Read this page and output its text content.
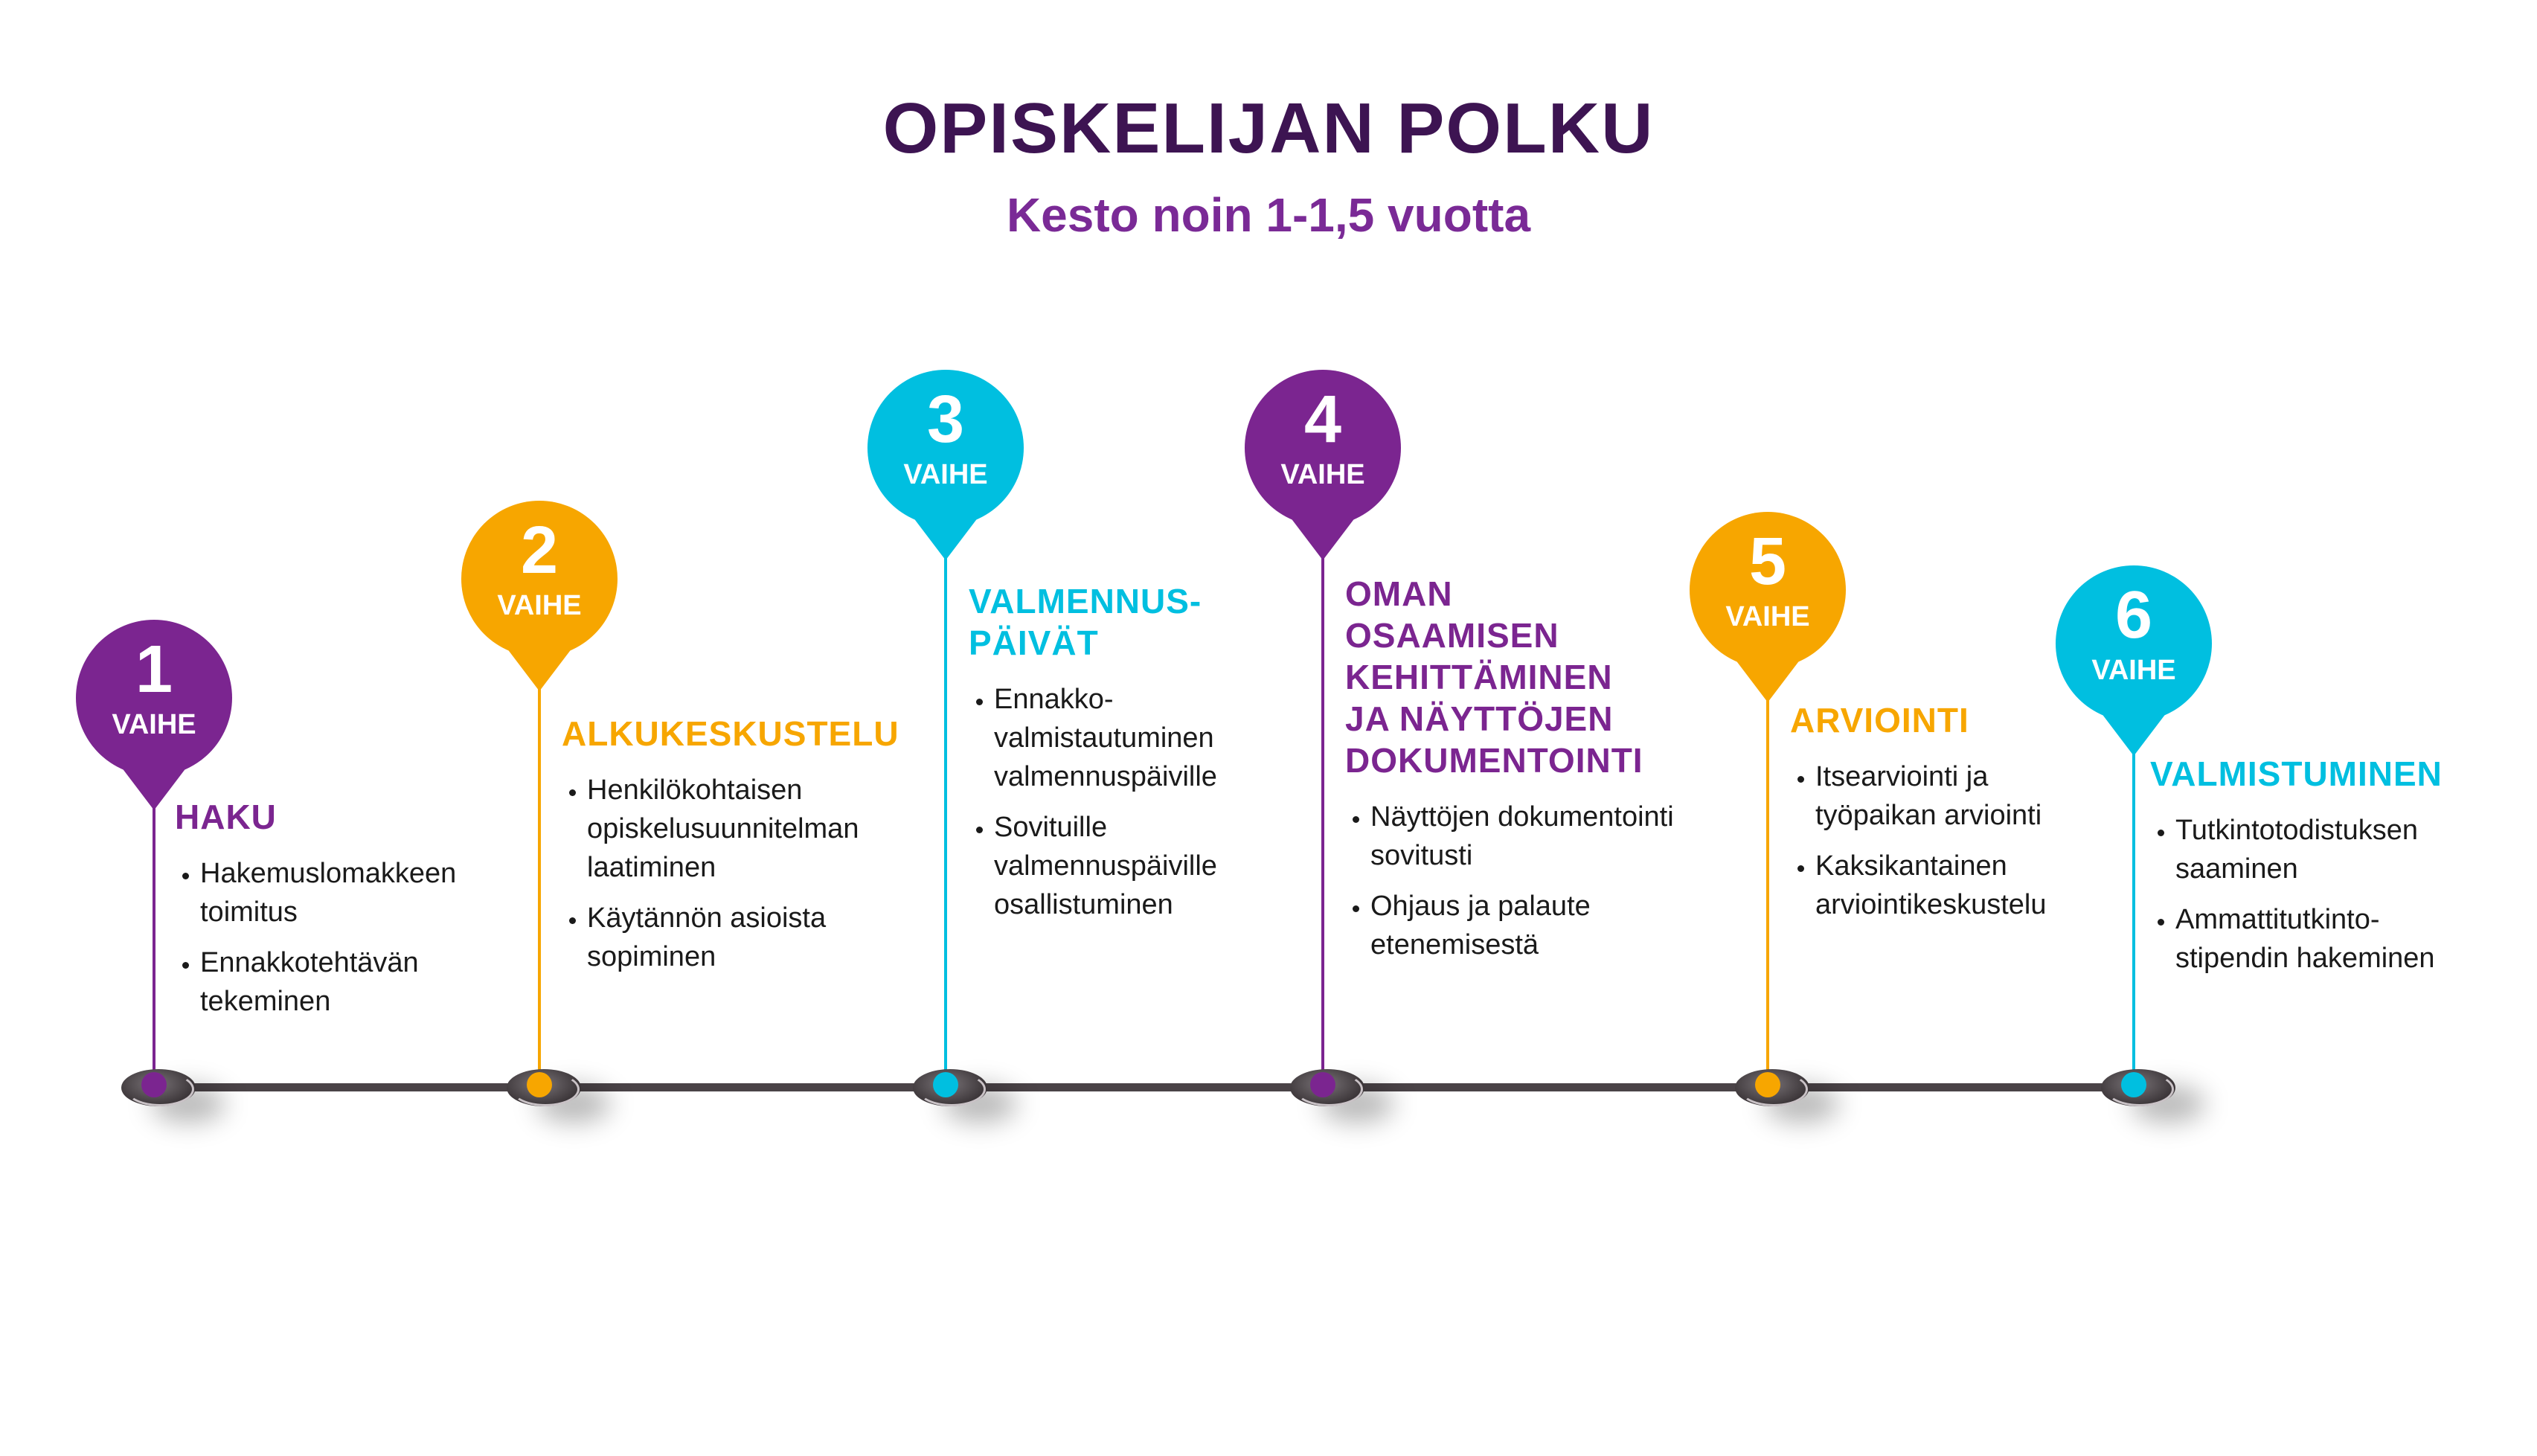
OPISKELIJAN POLKU
Kesto noin 1-1,5 vuotta
1
VAIHE
HAKU
• Hakemuslomakkeen
toimitus
• Ennakkotehtävän
tekeminen
2
VAIHE
ALKUKESKUSTELU
• Henkilökohtaisen
opiskelusuunnitelman
laatiminen
• Käytännön asioista
sopiminen
3
VAIHE
VALMENNUS-
PÄIVÄT
• Ennakko-
valmistautuminen
valmennuspäiville
• Sovituille
valmennuspäiville
osallistuminen
4
VAIHE
OMAN
OSAAMISEN
KEHITTÄMINEN
JA NÄYTTÖJEN
DOKUMENTOINTI
• Näyttöjen dokumentointi
sovitusti
• Ohjaus ja palaute
etenemisestä
5
VAIHE
ARVIOINTI
• Itsearviointi ja
työpaikan arviointi
• Kaksikantainen
arviointikeskustelu
6
VAIHE
VALMISTUMINEN
• Tutkintotodistuksen
saaminen
• Ammattitutkinto-
stipendin hakeminen
